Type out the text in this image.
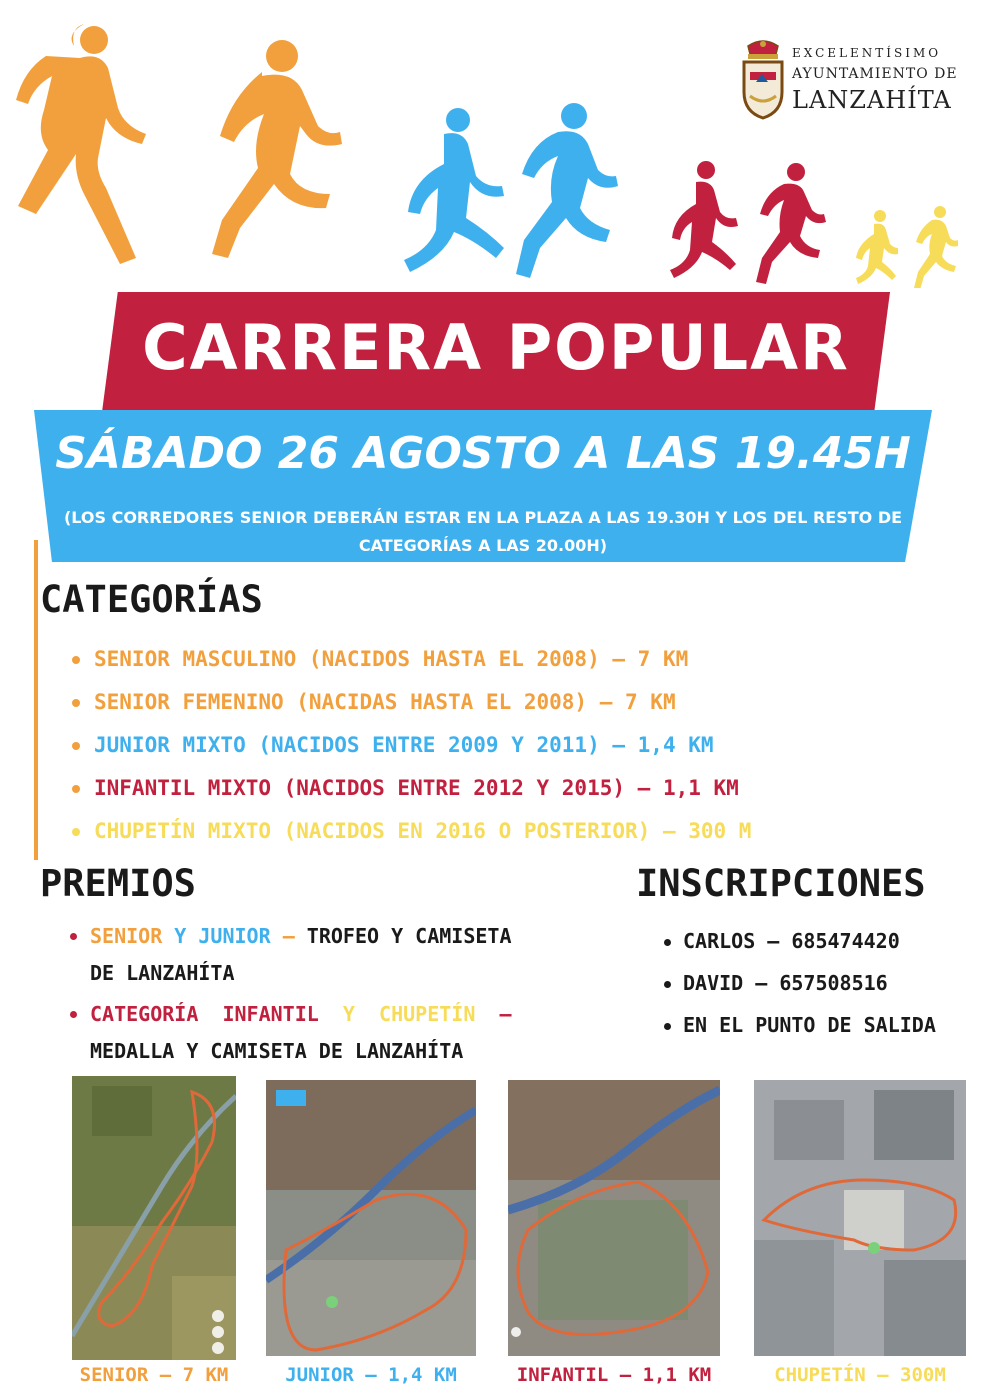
EXCELENTÍSIMO
AYUNTAMIENTO DE
LANZAHÍTA
CARRERA POPULAR
SÁBADO 26 AGOSTO A LAS 19.45H
(LOS CORREDORES SENIOR DEBERÁN ESTAR EN LA PLAZA A LAS 19.30H Y LOS DEL RESTO DE CATEGORÍAS A LAS 20.00H)
CATEGORÍAS
SENIOR MASCULINO (NACIDOS HASTA EL 2008) – 7 KM
SENIOR FEMENINO (NACIDAS HASTA EL 2008) – 7 KM
JUNIOR MIXTO (NACIDOS ENTRE 2009 Y 2011) – 1,4 KM
INFANTIL MIXTO (NACIDOS ENTRE 2012 Y 2015) – 1,1 KM
CHUPETÍN MIXTO (NACIDOS EN 2016 O POSTERIOR) – 300 M
PREMIOS
SENIOR Y JUNIOR – TROFEO Y CAMISETA
DE LANZAHÍTA
CATEGORÍA INFANTIL Y CHUPETÍN –
MEDALLA Y CAMISETA DE LANZAHÍTA
INSCRIPCIONES
CARLOS – 685474420
DAVID – 657508516
EN EL PUNTO DE SALIDA
SENIOR – 7 KM	JUNIOR – 1,4 KM	INFANTIL – 1,1 KM	CHUPETÍN – 300M
